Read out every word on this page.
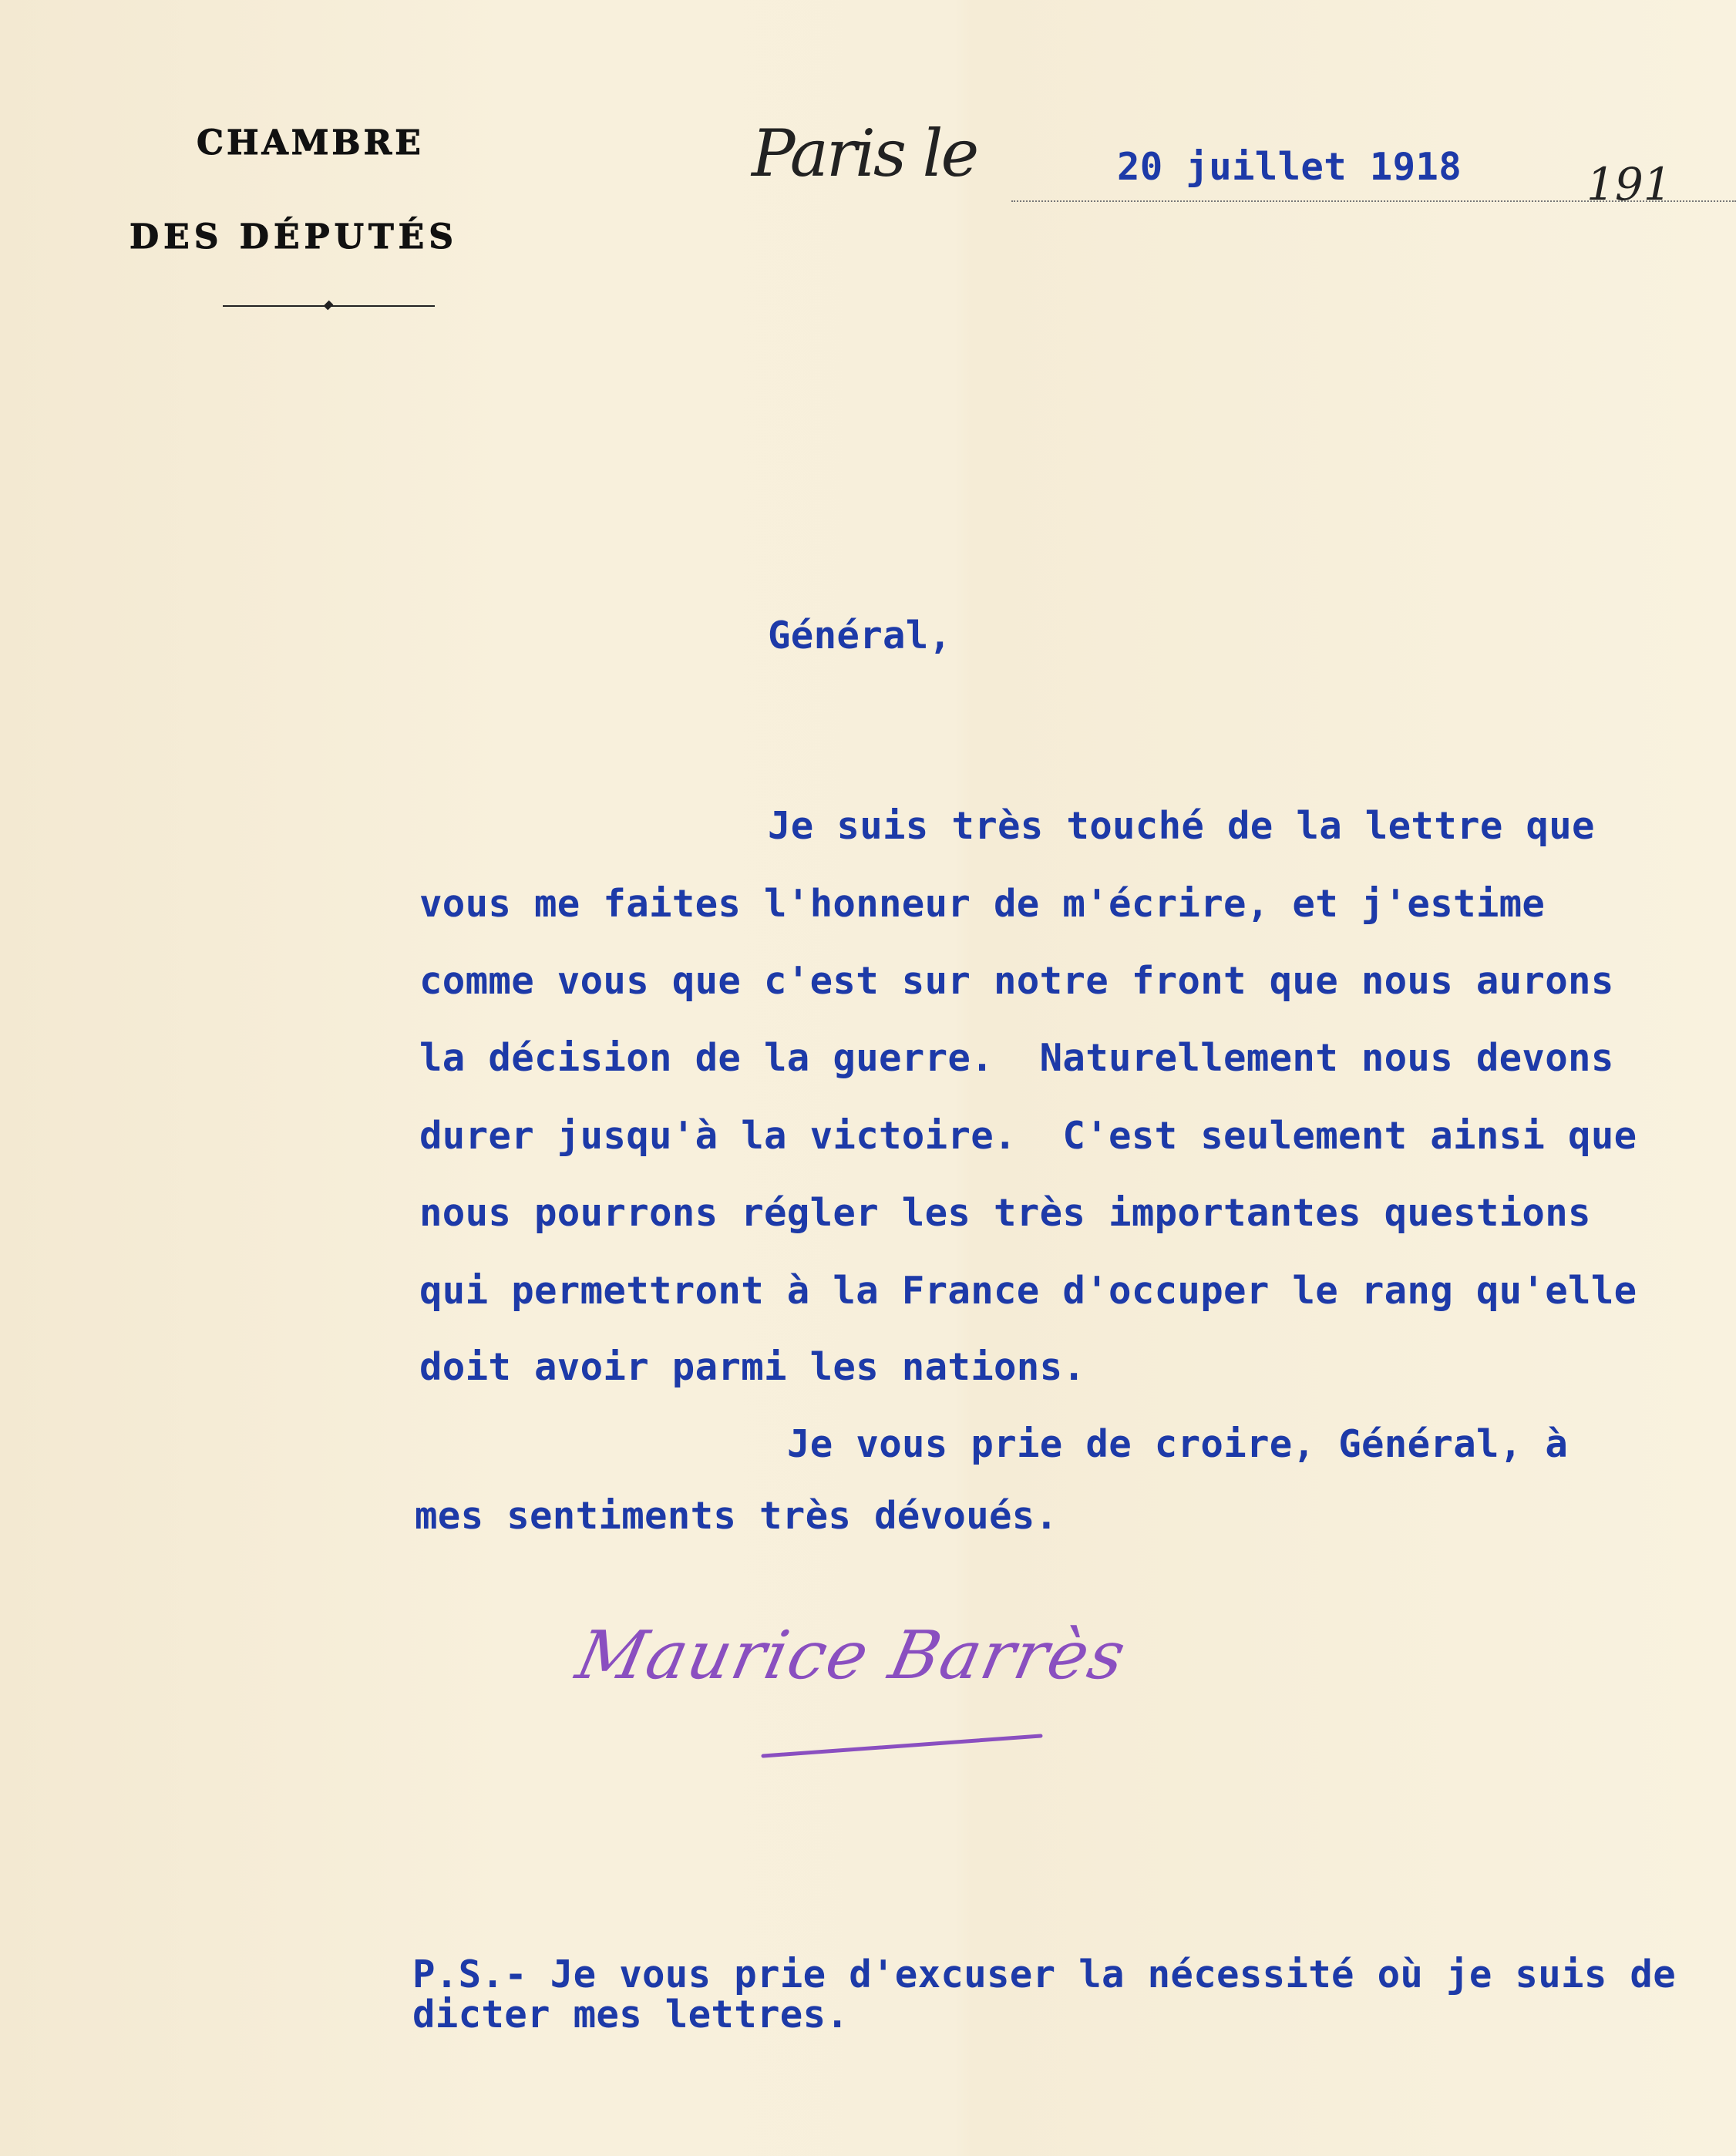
CHAMBRE
DES DÉPUTÉS
Paris le	20 juillet 1918	191
Général,
Je suis très touché de la lettre que
vous me faites l'honneur de m'écrire, et j'estime
comme vous que c'est sur notre front que nous aurons
la décision de la guerre.  Naturellement nous devons
durer jusqu'à la victoire.  C'est seulement ainsi que
nous pourrons régler les très importantes questions
qui permettront à la France d'occuper le rang qu'elle
doit avoir parmi les nations.
Je vous prie de croire, Général, à
mes sentiments très dévoués.
Maurice Barrès
P.S.- Je vous prie d'excuser la nécessité où je suis de
dicter mes lettres.
